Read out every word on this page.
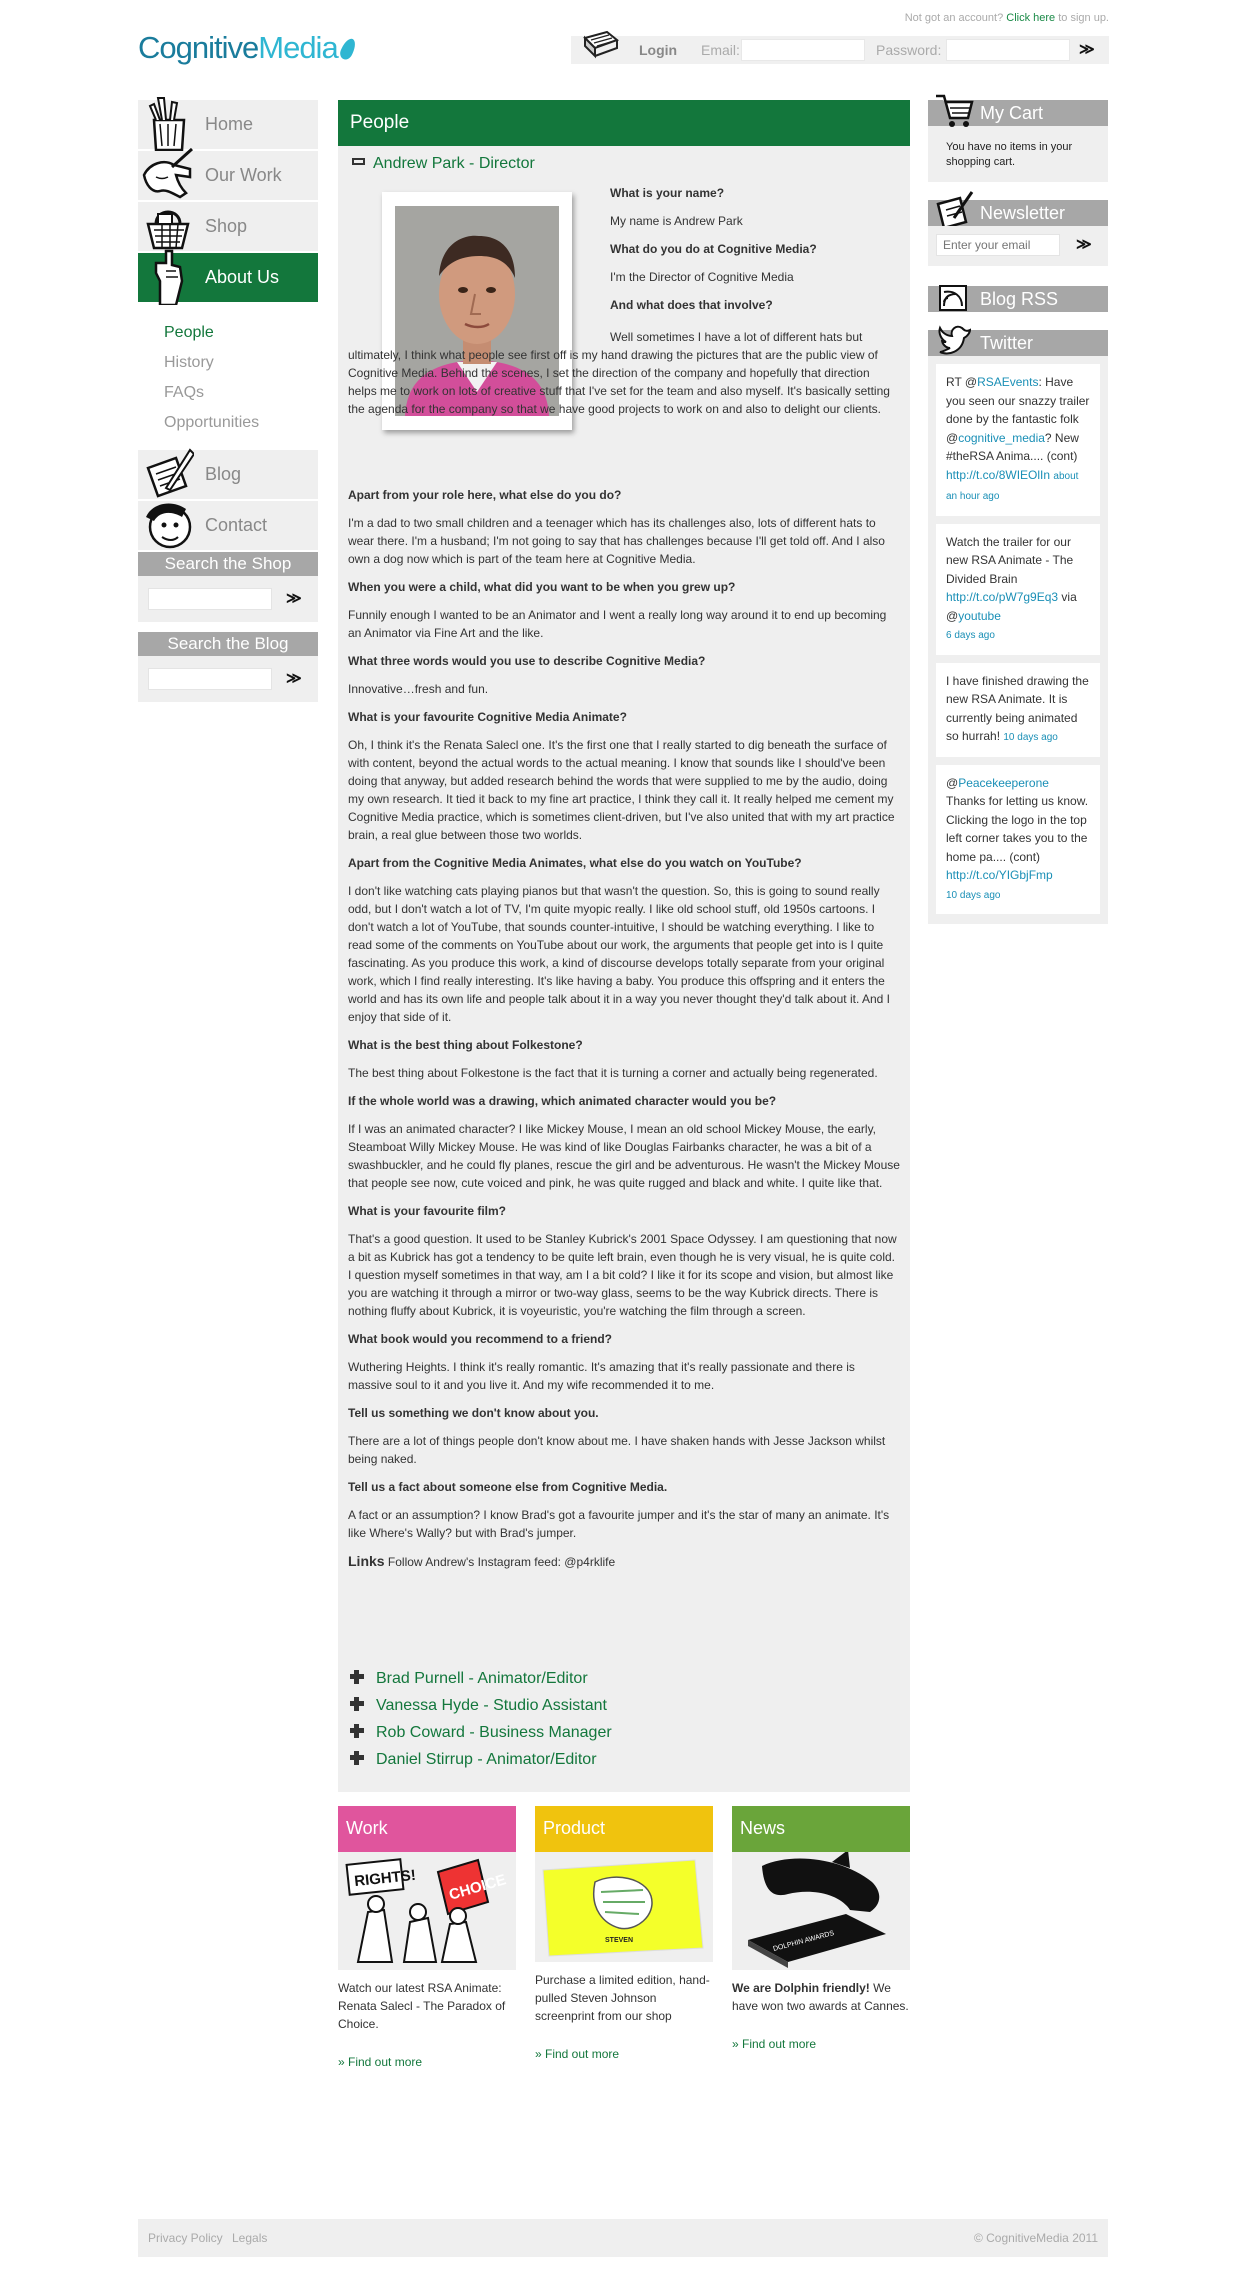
Not got an account? Click here to sign up.
CognitiveMedia	Login Email:	Password:	≫
Home
Our Work
Shop
About Us
People
History
FAQs
Opportunities
Blog
Contact
Search the Shop
≫
Search the Blog
≫
People
Andrew Park - Director

What is your name?

My name is Andrew Park

What do you do at Cognitive Media?

I'm the Director of Cognitive Media

And what does that involve?

Well sometimes I have a lot of different hats but ultimately, I think what people see first off is my hand drawing the pictures that are the public view of Cognitive Media. Behind the scenes, I set the direction of the company and hopefully that direction helps me to work on lots of creative stuff that I've set for the team and also myself. It's basically setting the agenda for the company so that we have good projects to work on and also to delight our clients.

Apart from your role here, what else do you do?

I'm a dad to two small children and a teenager which has its challenges also, lots of different hats to wear there. I'm a husband; I'm not going to say that has challenges because I'll get told off. And I also own a dog now which is part of the team here at Cognitive Media.

When you were a child, what did you want to be when you grew up?

Funnily enough I wanted to be an Animator and I went a really long way around it to end up becoming an Animator via Fine Art and the like.

What three words would you use to describe Cognitive Media?

Innovative…fresh and fun.

What is your favourite Cognitive Media Animate?

Oh, I think it's the Renata Salecl one. It's the first one that I really started to dig beneath the surface of with content, beyond the actual words to the actual meaning. I know that sounds like I should've been doing that anyway, but added research behind the words that were supplied to me by the audio, doing my own research. It tied it back to my fine art practice, I think they call it. It really helped me cement my Cognitive Media practice, which is sometimes client-driven, but I've also united that with my art practice brain, a real glue between those two worlds.

Apart from the Cognitive Media Animates, what else do you watch on YouTube?

I don't like watching cats playing pianos but that wasn't the question. So, this is going to sound really odd, but I don't watch a lot of TV, I'm quite myopic really. I like old school stuff, old 1950s cartoons. I don't watch a lot of YouTube, that sounds counter-intuitive, I should be watching everything. I like to read some of the comments on YouTube about our work, the arguments that people get into is I quite fascinating. As you produce this work, a kind of discourse develops totally separate from your original work, which I find really interesting. It's like having a baby. You produce this offspring and it enters the world and has its own life and people talk about it in a way you never thought they'd talk about it. And I enjoy that side of it.

What is the best thing about Folkestone?

The best thing about Folkestone is the fact that it is turning a corner and actually being regenerated.

If the whole world was a drawing, which animated character would you be?

If I was an animated character? I like Mickey Mouse, I mean an old school Mickey Mouse, the early, Steamboat Willy Mickey Mouse. He was kind of like Douglas Fairbanks character, he was a bit of a swashbuckler, and he could fly planes, rescue the girl and be adventurous. He wasn't the Mickey Mouse that people see now, cute voiced and pink, he was quite rugged and black and white. I quite like that.

What is your favourite film?

That's a good question. It used to be Stanley Kubrick's 2001 Space Odyssey. I am questioning that now a bit as Kubrick has got a tendency to be quite left brain, even though he is very visual, he is quite cold. I question myself sometimes in that way, am I a bit cold? I like it for its scope and vision, but almost like you are watching it through a mirror or two-way glass, seems to be the way Kubrick directs. There is nothing fluffy about Kubrick, it is voyeuristic, you're watching the film through a screen.

What book would you recommend to a friend?

Wuthering Heights. I think it's really romantic. It's amazing that it's really passionate and there is massive soul to it and you live it. And my wife recommended it to me.

Tell us something we don't know about you.

There are a lot of things people don't know about me. I have shaken hands with Jesse Jackson whilst being naked.

Tell us a fact about someone else from Cognitive Media.

A fact or an assumption? I know Brad's got a favourite jumper and it's the star of many an animate. It's like Where's Wally? but with Brad's jumper.

Links Follow Andrew's Instagram feed: @p4rklife

Brad Purnell - Animator/Editor
Vanessa Hyde - Studio Assistant
Rob Coward - Business Manager
Daniel Stirrup - Animator/Editor
Work
RIGHTS! CHOICE

Watch our latest RSA Animate: Renata Salecl - The Paradox of Choice.

» Find out more

Product
STEVEN

Purchase a limited edition, hand-pulled Steven Johnson screenprint from our shop

» Find out more

News
DOLPHIN AWARDS

We are Dolphin friendly! We have won two awards at Cannes.

» Find out more

My Cart
You have no items in your shopping cart.
Newsletter
Enter your email
≫
Blog RSS
Twitter
RT @RSAEvents: Have you seen our snazzy trailer done by the fantastic folk @cognitive_media? New #theRSA Anima.... (cont) http://t.co/8WIEOlIn about an hour ago
Watch the trailer for our new RSA Animate - The Divided Brain http://t.co/pW7g9Eq3 via @youtube
6 days ago
I have finished drawing the new RSA Animate. It is currently being animated so hurrah! 10 days ago
@Peacekeeperone
Thanks for letting us know. Clicking the logo in the top left corner takes you to the home pa.... (cont) http://t.co/YIGbjFmp
10 days ago
Privacy Policy Legals	© CognitiveMedia 2011
